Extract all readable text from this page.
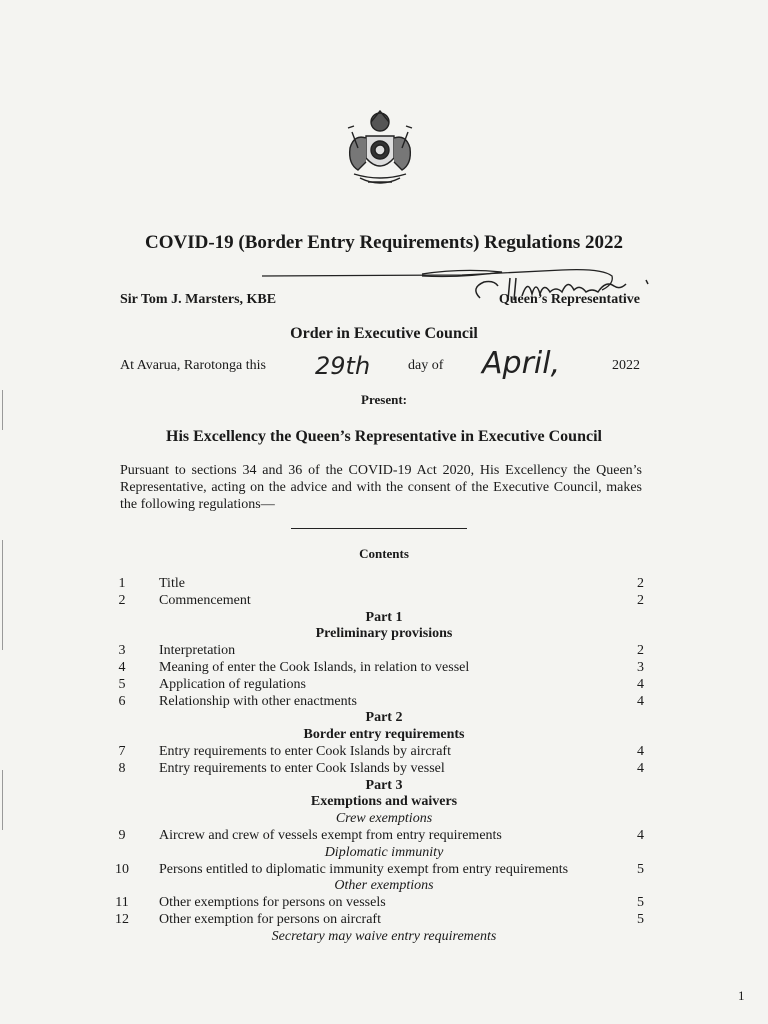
COVID-19 (Border Entry Requirements) Regulations 2022
Sir Tom J. Marsters, KBE	Queen’s Representative
Order in Executive Council
At Avarua, Rarotonga this 29th	day of April,	2022
Present:
His Excellency the Queen’s Representative in Executive Council
Pursuant to sections 34 and 36 of the COVID-19 Act 2020, His Excellency the Queen’s Representative, acting on the advice and with the consent of the Executive Council, makes the following regulations—
Contents
1	Title	2
2	Commencement	2
Part 1
Preliminary provisions
3	Interpretation	2
4	Meaning of enter the Cook Islands, in relation to vessel	3
5	Application of regulations	4
6	Relationship with other enactments	4
Part 2
Border entry requirements
7	Entry requirements to enter Cook Islands by aircraft	4
8	Entry requirements to enter Cook Islands by vessel	4
Part 3
Exemptions and waivers
Crew exemptions
9	Aircrew and crew of vessels exempt from entry requirements	4
Diplomatic immunity
10 Persons entitled to diplomatic immunity exempt from entry requirements	5
Other exemptions
11 Other exemptions for persons on vessels	5
12 Other exemption for persons on aircraft	5
Secretary may waive entry requirements
1
